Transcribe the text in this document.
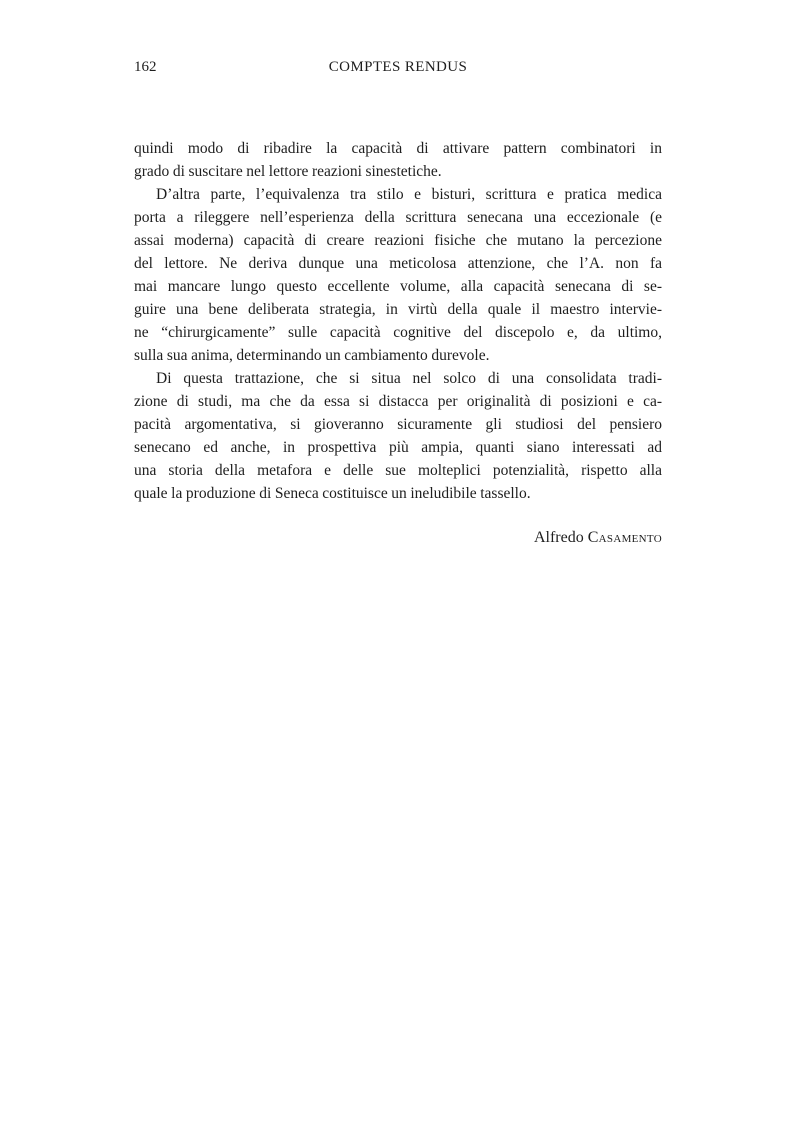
162	COMPTES RENDUS
quindi modo di ribadire la capacità di attivare pattern combinatori in
grado di suscitare nel lettore reazioni sinestetiche.
D’altra parte, l’equivalenza tra stilo e bisturi, scrittura e pratica medica
porta a rileggere nell’esperienza della scrittura senecana una eccezionale (e
assai moderna) capacità di creare reazioni fisiche che mutano la percezione
del lettore. Ne deriva dunque una meticolosa attenzione, che l’A. non fa
mai mancare lungo questo eccellente volume, alla capacità senecana di se-
guire una bene deliberata strategia, in virtù della quale il maestro intervie-
ne “chirurgicamente” sulle capacità cognitive del discepolo e, da ultimo,
sulla sua anima, determinando un cambiamento durevole.
Di questa trattazione, che si situa nel solco di una consolidata tradi-
zione di studi, ma che da essa si distacca per originalità di posizioni e ca-
pacità argomentativa, si gioveranno sicuramente gli studiosi del pensiero
senecano ed anche, in prospettiva più ampia, quanti siano interessati ad
una storia della metafora e delle sue molteplici potenzialità, rispetto alla
quale la produzione di Seneca costituisce un ineludibile tassello.
Alfredo Casamento
